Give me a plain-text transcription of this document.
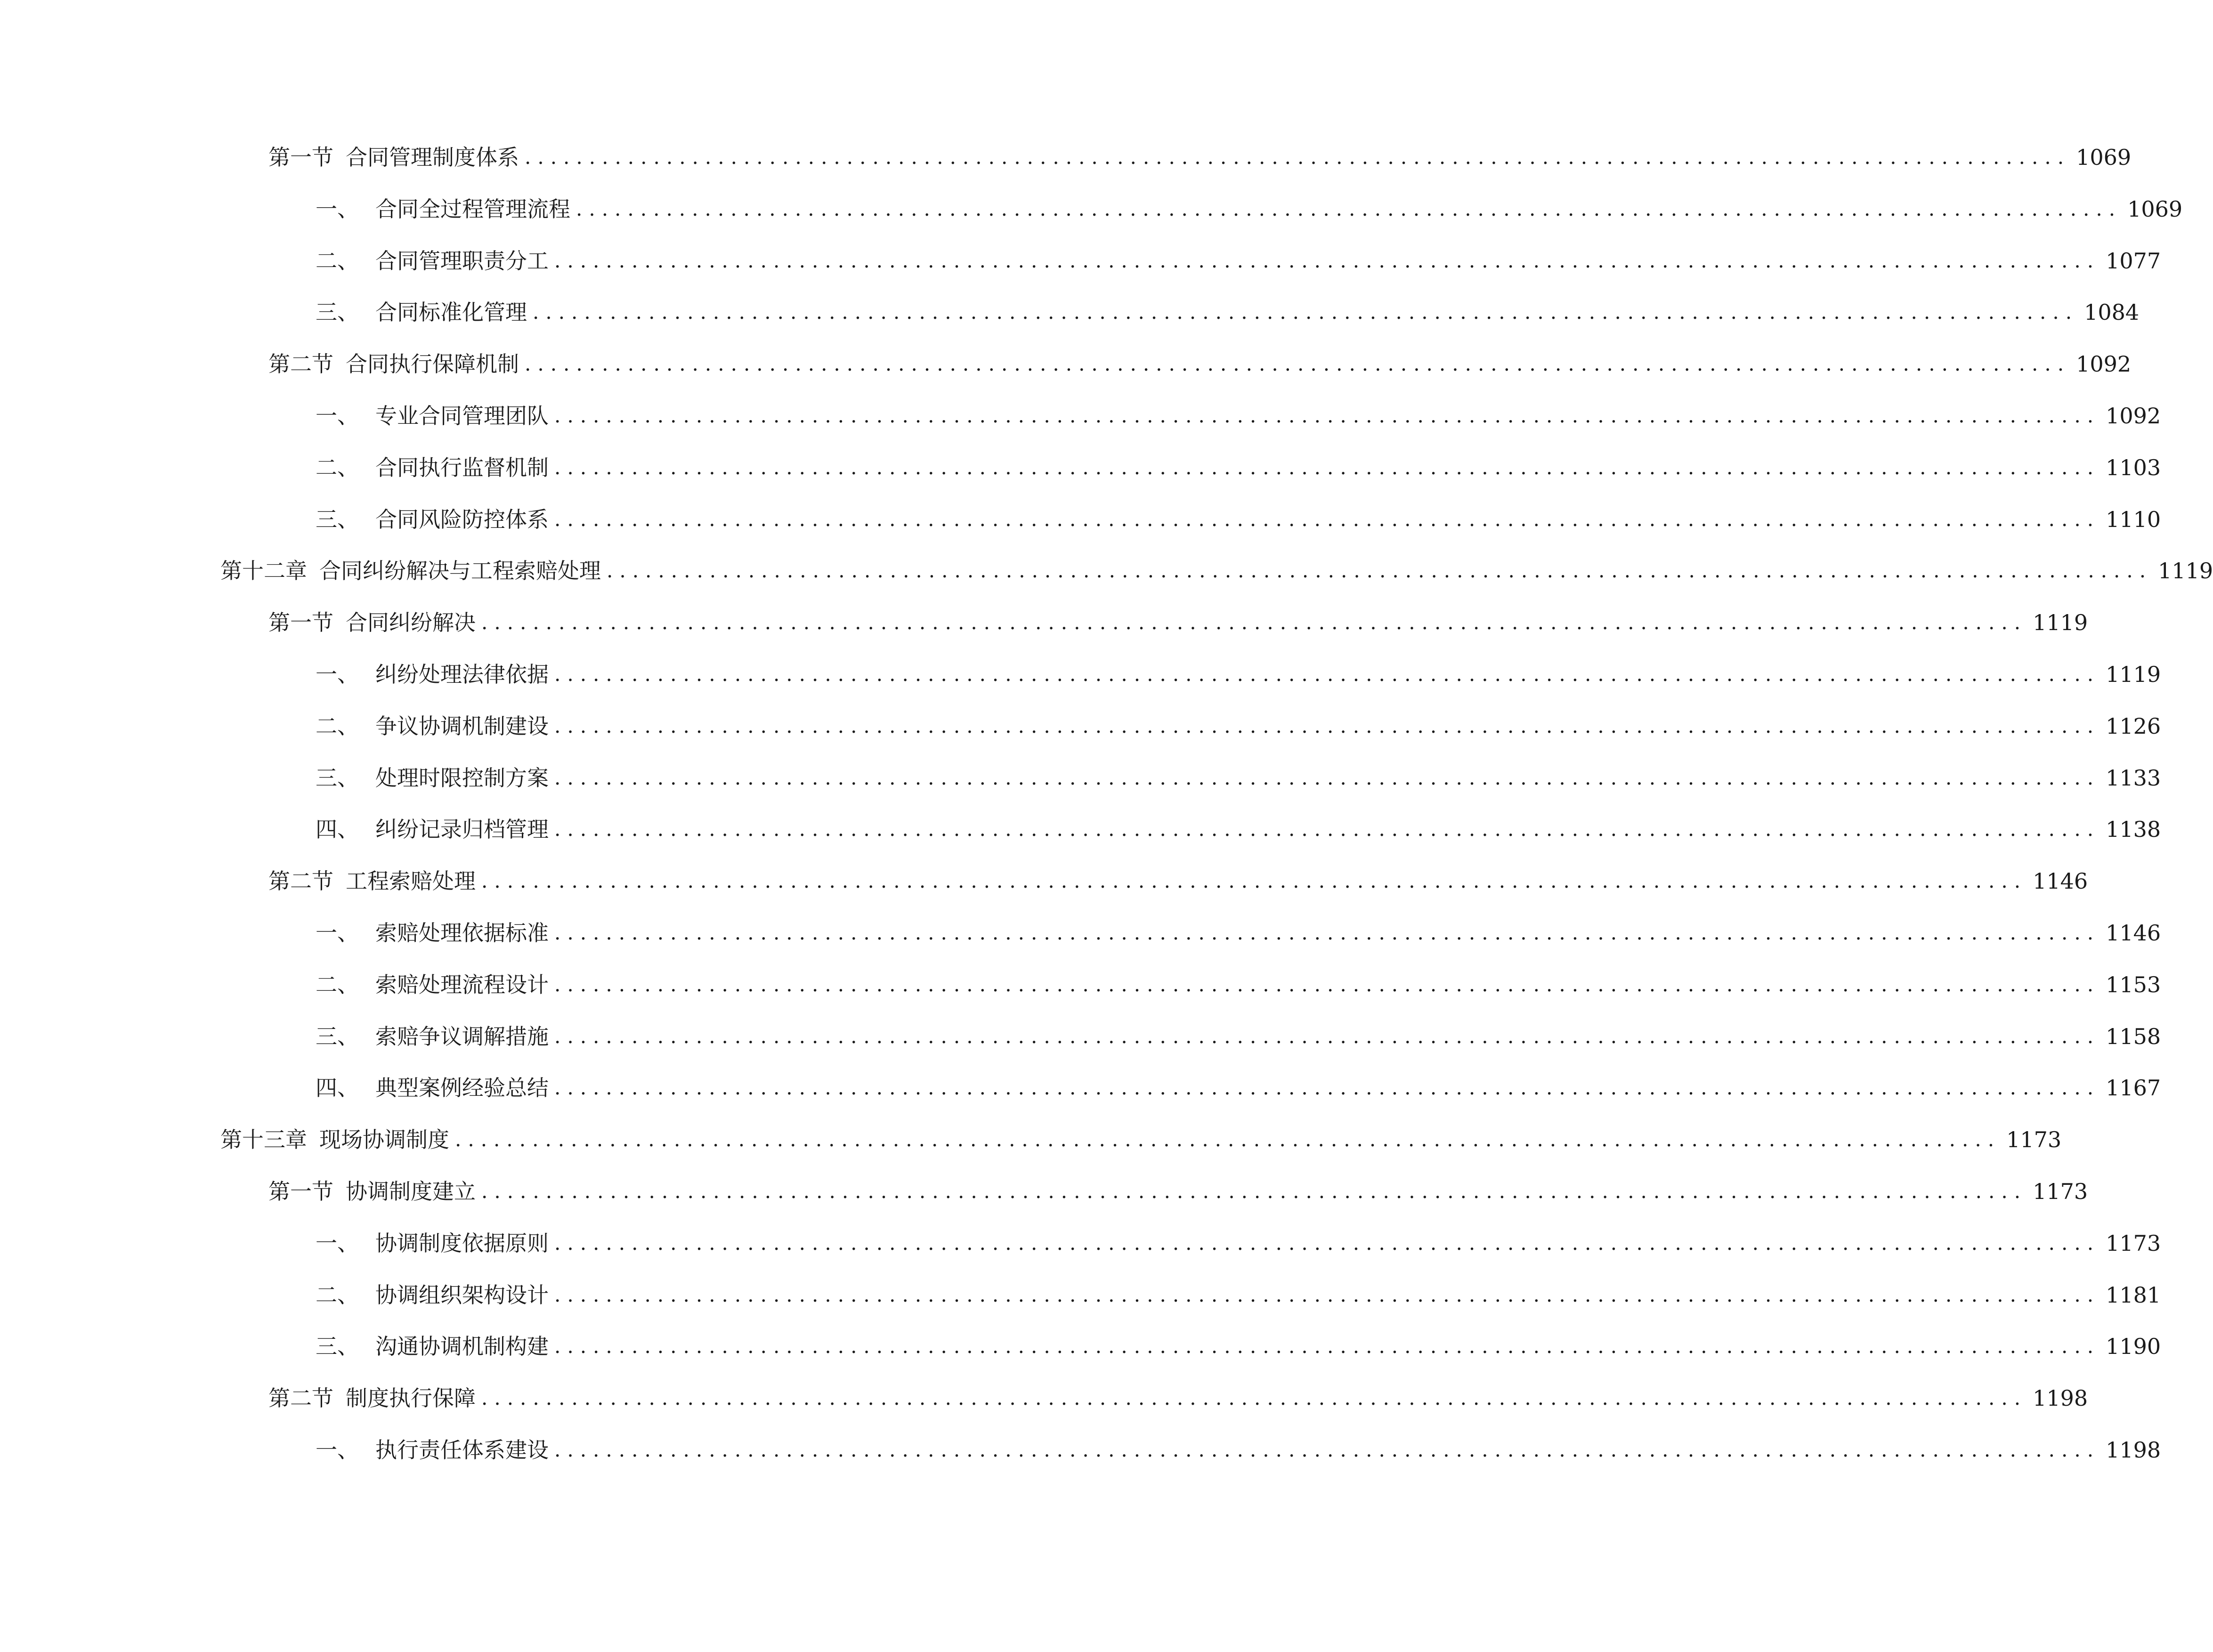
第一节 合同管理制度体系 ........................................................................................................................ 1069
一、 合同全过程管理流程 ........................................................................................................................ 1069
二、 合同管理职责分工 ........................................................................................................................ 1077
三、 合同标准化管理 ........................................................................................................................ 1084
第二节 合同执行保障机制 ........................................................................................................................ 1092
一、 专业合同管理团队 ........................................................................................................................ 1092
二、 合同执行监督机制 ........................................................................................................................ 1103
三、 合同风险防控体系 ........................................................................................................................ 1110
第十二章 合同纠纷解决与工程索赔处理 ........................................................................................................................ 1119
第一节 合同纠纷解决 ........................................................................................................................ 1119
一、 纠纷处理法律依据 ........................................................................................................................ 1119
二、 争议协调机制建设 ........................................................................................................................ 1126
三、 处理时限控制方案 ........................................................................................................................ 1133
四、 纠纷记录归档管理 ........................................................................................................................ 1138
第二节 工程索赔处理 ........................................................................................................................ 1146
一、 索赔处理依据标准 ........................................................................................................................ 1146
二、 索赔处理流程设计 ........................................................................................................................ 1153
三、 索赔争议调解措施 ........................................................................................................................ 1158
四、 典型案例经验总结 ........................................................................................................................ 1167
第十三章 现场协调制度 ........................................................................................................................ 1173
第一节 协调制度建立 ........................................................................................................................ 1173
一、 协调制度依据原则 ........................................................................................................................ 1173
二、 协调组织架构设计 ........................................................................................................................ 1181
三、 沟通协调机制构建 ........................................................................................................................ 1190
第二节 制度执行保障 ........................................................................................................................ 1198
一、 执行责任体系建设 ........................................................................................................................ 1198
